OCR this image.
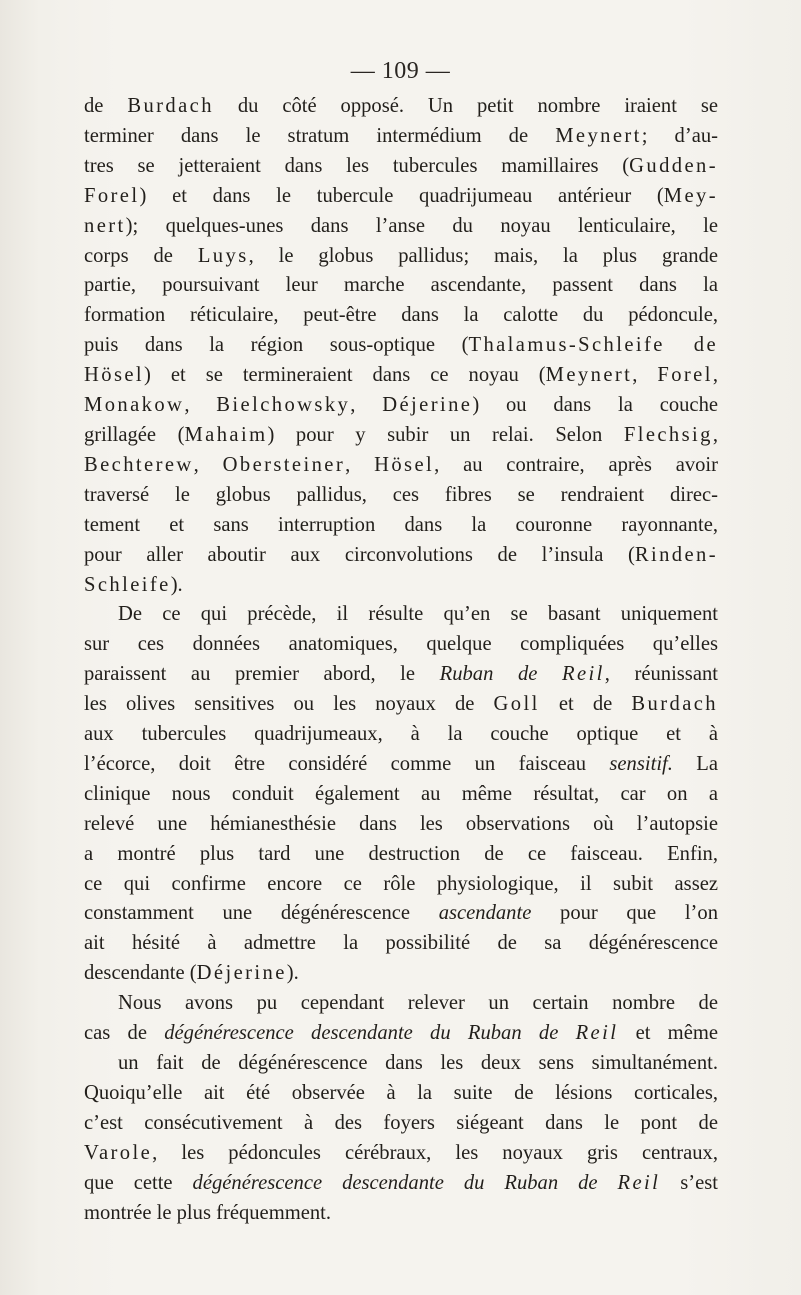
— 109 —
de Burdach du côté opposé. Un petit nombre iraient se
terminer dans le stratum intermédium de Meynert; d’au-
tres se jetteraient dans les tubercules mamillaires (Gudden-
Forel) et dans le tubercule quadrijumeau antérieur (Mey-
nert); quelques-unes dans l’anse du noyau lenticulaire, le
corps de Luys, le globus pallidus; mais, la plus grande
partie, poursuivant leur marche ascendante, passent dans la
formation réticulaire, peut-être dans la calotte du pédoncule,
puis dans la région sous-optique (Thalamus-Schleife de
Hösel) et se termineraient dans ce noyau (Meynert, Forel,
Monakow, Bielchowsky, Déjerine) ou dans la couche
grillagée (Mahaim) pour y subir un relai. Selon Flechsig,
Bechterew, Obersteiner, Hösel, au contraire, après avoir
traversé le globus pallidus, ces fibres se rendraient direc-
tement et sans interruption dans la couronne rayonnante,
pour aller aboutir aux circonvolutions de l’insula (Rinden-
Schleife).
De ce qui précède, il résulte qu’en se basant uniquement
sur ces données anatomiques, quelque compliquées qu’elles
paraissent au premier abord, le Ruban de Reil, réunissant
les olives sensitives ou les noyaux de Goll et de Burdach
aux tubercules quadrijumeaux, à la couche optique et à
l’écorce, doit être considéré comme un faisceau sensitif. La
clinique nous conduit également au même résultat, car on a
relevé une hémianesthésie dans les observations où l’autopsie
a montré plus tard une destruction de ce faisceau. Enfin,
ce qui confirme encore ce rôle physiologique, il subit assez
constamment une dégénérescence ascendante pour que l’on
ait hésité à admettre la possibilité de sa dégénérescence
descendante (Déjerine).
Nous avons pu cependant relever un certain nombre de
cas de dégénérescence descendante du Ruban de Reil et même
un fait de dégénérescence dans les deux sens simultanément.
Quoiqu’elle ait été observée à la suite de lésions corticales,
c’est consécutivement à des foyers siégeant dans le pont de
Varole, les pédoncules cérébraux, les noyaux gris centraux,
que cette dégénérescence descendante du Ruban de Reil s’est
montrée le plus fréquemment.
